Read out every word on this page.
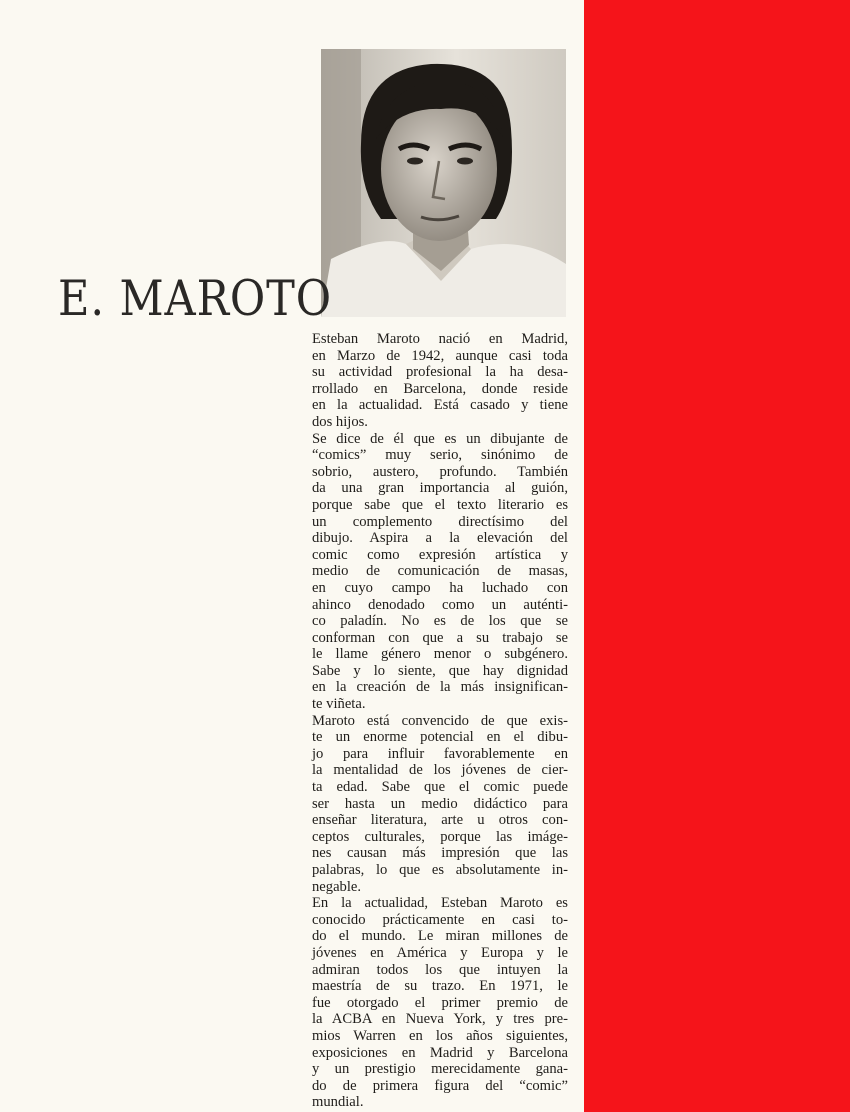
E. MAROTO
Esteban Maroto nació en Madrid,
en Marzo de 1942, aunque casi toda
su actividad profesional la ha desa-
rrollado en Barcelona, donde reside
en la actualidad. Está casado y tiene
dos hijos.
Se dice de él que es un dibujante de
“comics” muy serio, sinónimo de
sobrio, austero, profundo. También
da una gran importancia al guión,
porque sabe que el texto literario es
un complemento directísimo del
dibujo. Aspira a la elevación del
comic como expresión artística y
medio de comunicación de masas,
en cuyo campo ha luchado con
ahinco denodado como un auténti-
co paladín. No es de los que se
conforman con que a su trabajo se
le llame género menor o subgénero.
Sabe y lo siente, que hay dignidad
en la creación de la más insignifican-
te viñeta.
Maroto está convencido de que exis-
te un enorme potencial en el dibu-
jo para influir favorablemente en
la mentalidad de los jóvenes de cier-
ta edad. Sabe que el comic puede
ser hasta un medio didáctico para
enseñar literatura, arte u otros con-
ceptos culturales, porque las imáge-
nes causan más impresión que las
palabras, lo que es absolutamente in-
negable.
En la actualidad, Esteban Maroto es
conocido prácticamente en casi to-
do el mundo. Le miran millones de
jóvenes en América y Europa y le
admiran todos los que intuyen la
maestría de su trazo. En 1971, le
fue otorgado el primer premio de
la ACBA en Nueva York, y tres pre-
mios Warren en los años siguientes,
exposiciones en Madrid y Barcelona
y un prestigio merecidamente gana-
do de primera figura del “comic”
mundial.
